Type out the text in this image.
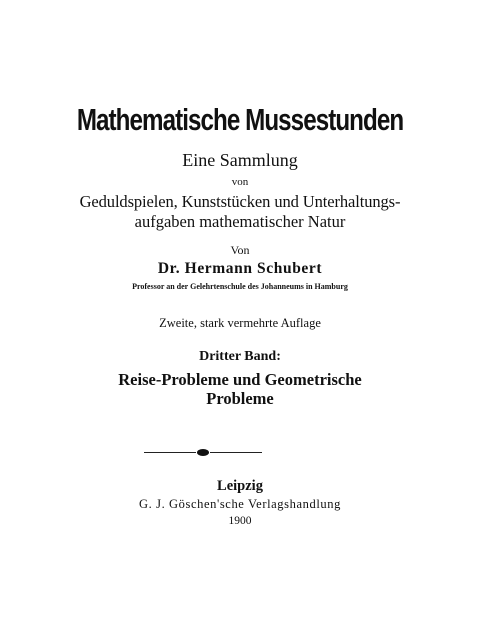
Mathematische Mussestunden
Eine Sammlung
von
Geduldspielen, Kunststücken und Unterhaltungs-
aufgaben mathematischer Natur
Von
Dr. Hermann Schubert
Professor an der Gelehrtenschule des Johanneums in Hamburg
Zweite, stark vermehrte Auflage
Dritter Band:
Reise-Probleme und Geometrische
Probleme
Leipzig
G. J. Göschen'sche Verlagshandlung
1900
